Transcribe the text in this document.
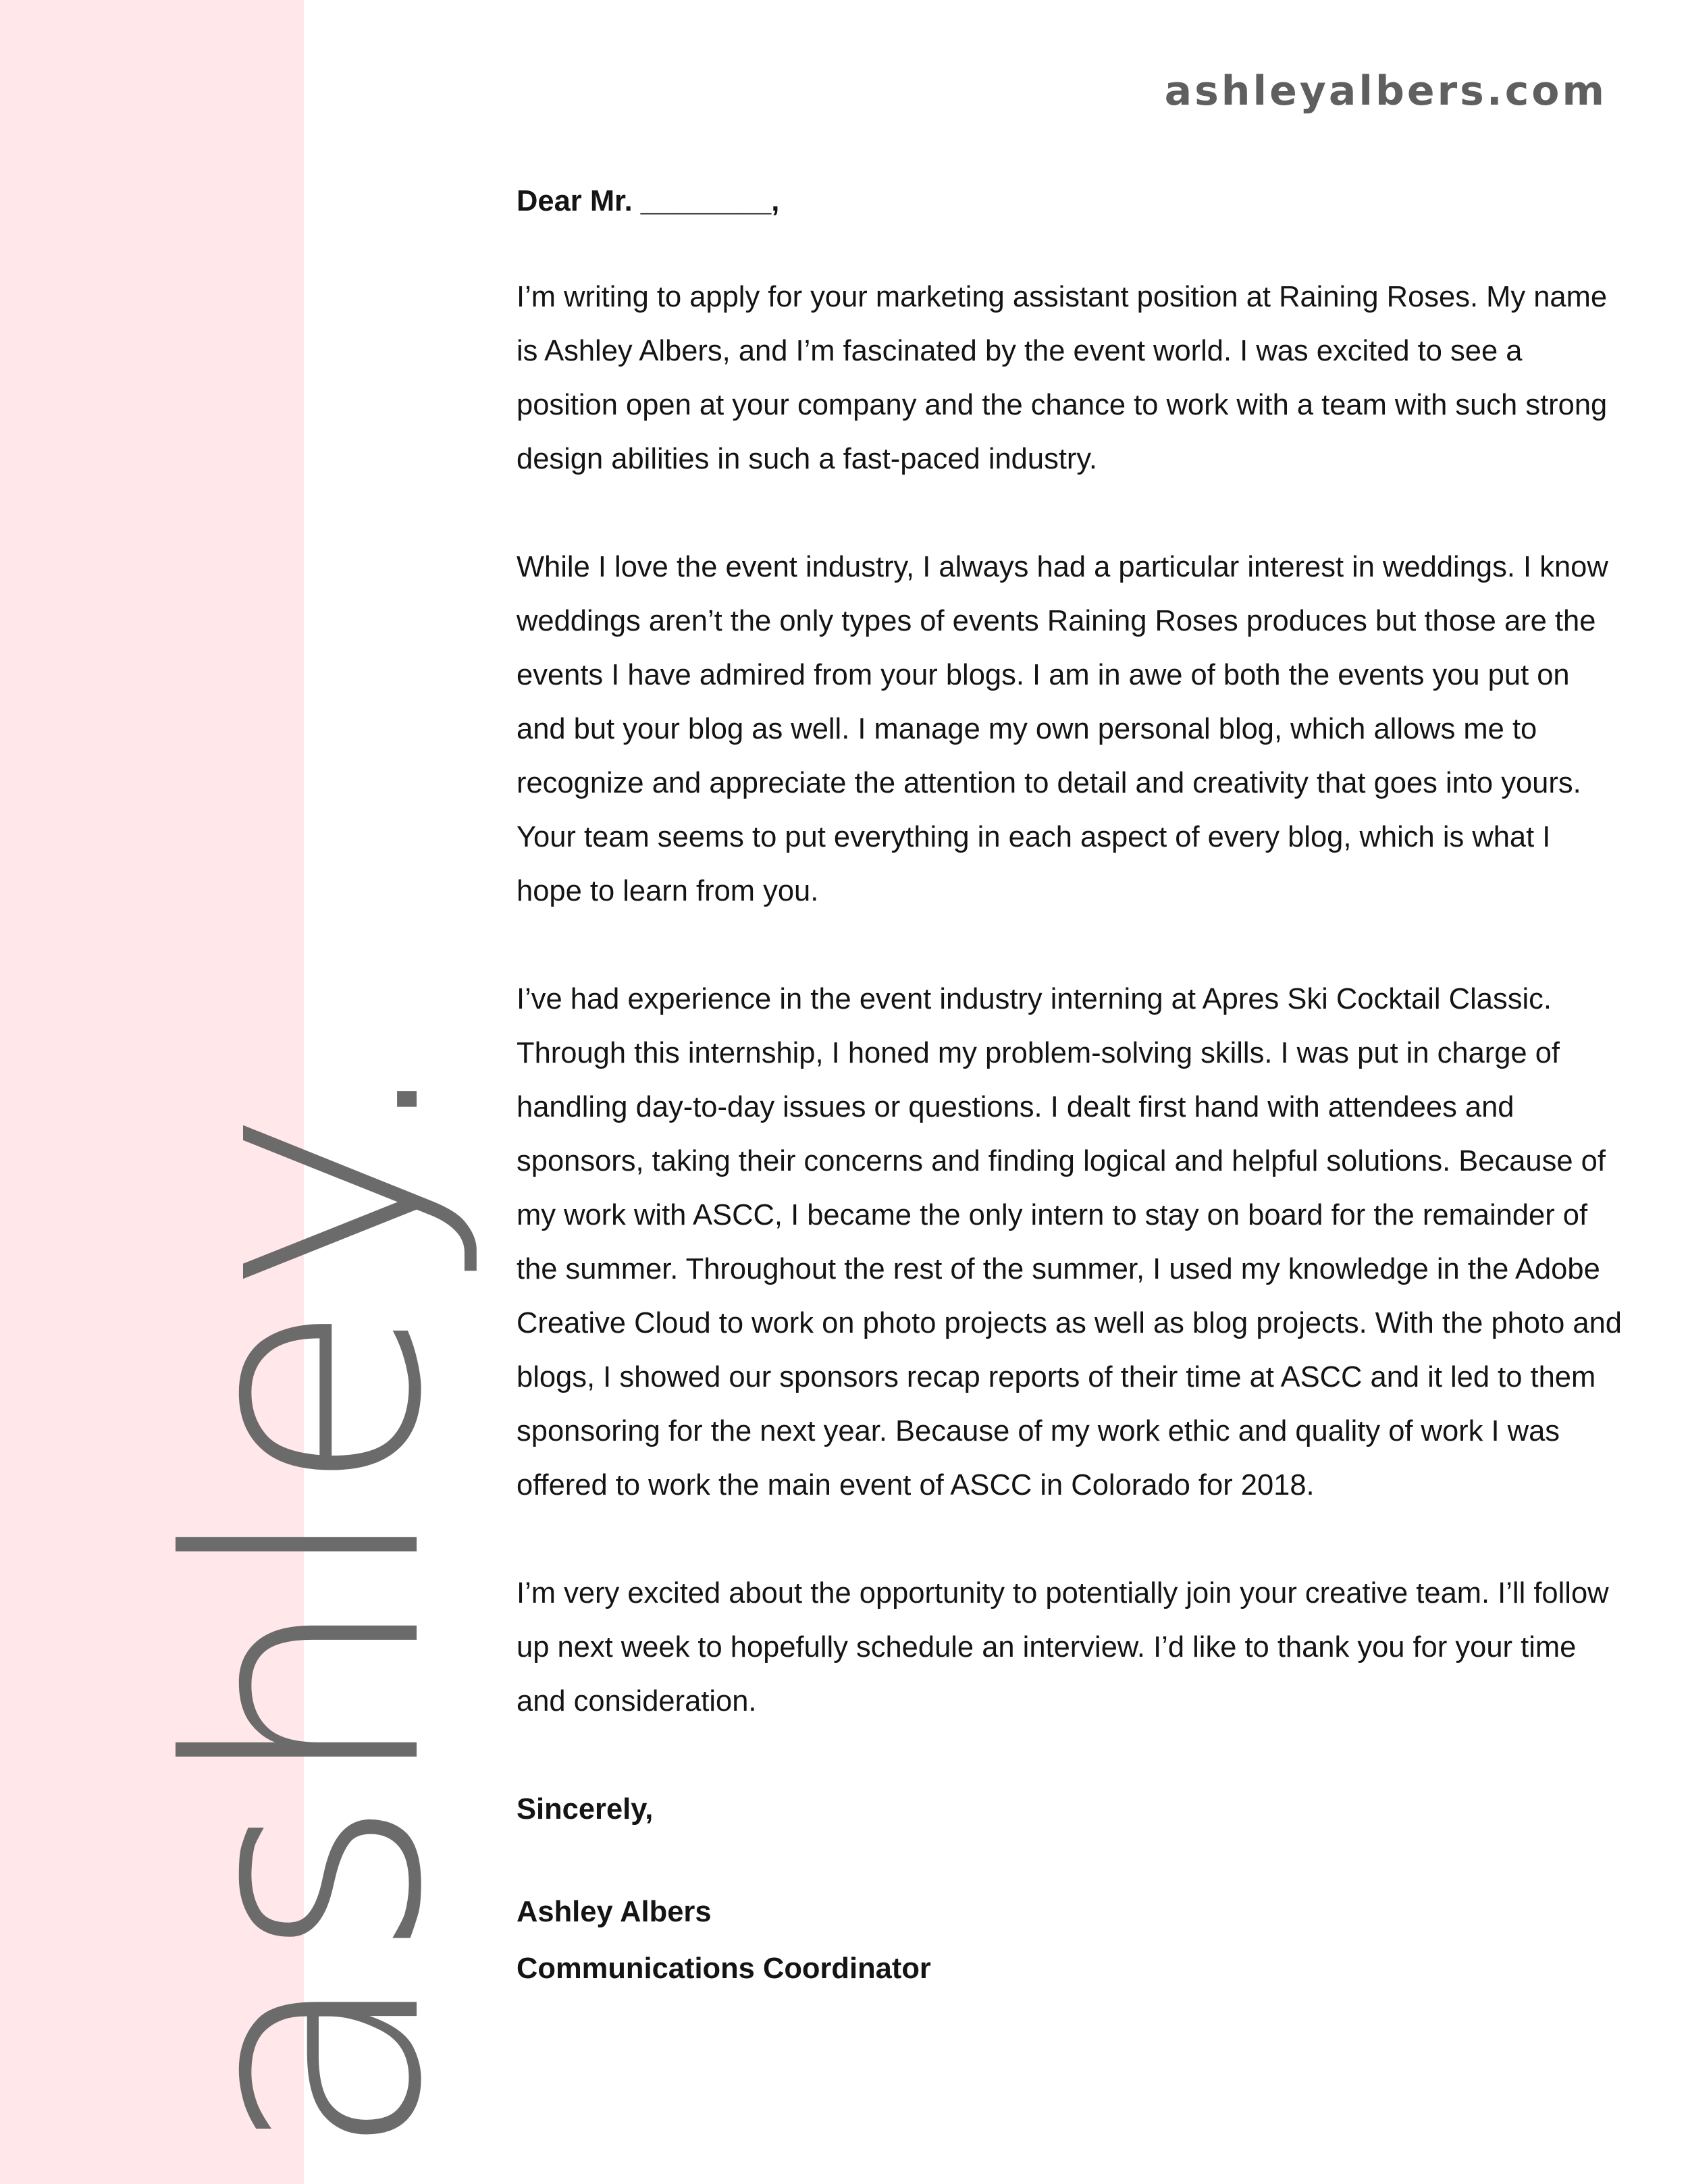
ashley.
ashleyalbers.com

Dear Mr. ________,

I’m writing to apply for your marketing assistant position at Raining Roses. My name is Ashley Albers, and I’m fascinated by the event world. I was excited to see a position open at your company and the chance to work with a team with such strong design abilities in such a fast-paced industry.

While I love the event industry, I always had a particular interest in weddings. I know weddings aren’t the only types of events Raining Roses produces but those are the events I have admired from your blogs. I am in awe of both the events you put on and but your blog as well. I manage my own personal blog, which allows me to recognize and appreciate the attention to detail and creativity that goes into yours. Your team seems to put everything in each aspect of every blog, which is what I hope to learn from you.

I’ve had experience in the event industry interning at Apres Ski Cocktail Classic. Through this internship, I honed my problem-solving skills. I was put in charge of handling day-to-day issues or questions. I dealt first hand with attendees and sponsors, taking their concerns and finding logical and helpful solutions. Because of my work with ASCC, I became the only intern to stay on board for the remainder of the summer. Throughout the rest of the summer, I used my knowledge in the Adobe Creative Cloud to work on photo projects as well as blog projects. With the photo and blogs, I showed our sponsors recap reports of their time at ASCC and it led to them sponsoring for the next year. Because of my work ethic and quality of work I was offered to work the main event of ASCC in Colorado for 2018.

I’m very excited about the opportunity to potentially join your creative team. I’ll follow up next week to hopefully schedule an interview. I’d like to thank you for your time and consideration.

Sincerely,

Ashley Albers

Communications Coordinator
